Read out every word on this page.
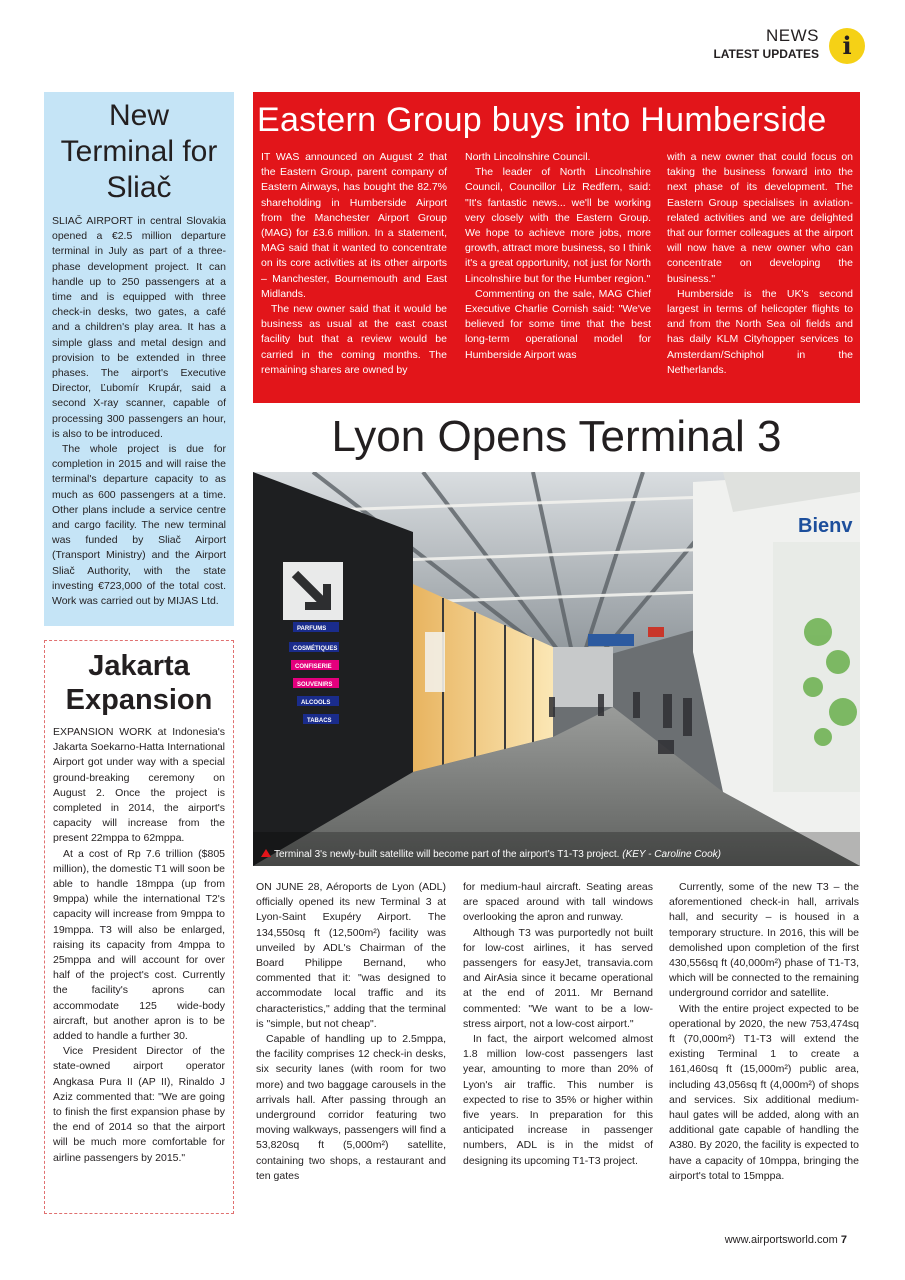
NEWS
LATEST UPDATES i
New Terminal for Sliač

SLIAČ AIRPORT in central Slovakia opened a €2.5 million departure terminal in July as part of a three-phase development project. It can handle up to 250 passengers at a time and is equipped with three check-in desks, two gates, a café and a children's play area. It has a simple glass and metal design and provision to be extended in three phases. The airport's Executive Director, Ľubomír Krupár, said a second X-ray scanner, capable of processing 300 passengers an hour, is also to be introduced.

The whole project is due for completion in 2015 and will raise the terminal's departure capacity to as much as 600 passengers at a time. Other plans include a service centre and cargo facility. The new terminal was funded by Sliač Airport (Transport Ministry) and the Airport Sliač Authority, with the state investing €723,000 of the total cost. Work was carried out by MIJAS Ltd.

Jakarta Expansion

EXPANSION WORK at Indonesia's Jakarta Soekarno-Hatta International Airport got under way with a special ground-breaking ceremony on August 2. Once the project is completed in 2014, the airport's capacity will increase from the present 22mppa to 62mppa.

At a cost of Rp 7.6 trillion ($805 million), the domestic T1 will soon be able to handle 18mppa (up from 9mppa) while the international T2's capacity will increase from 9mppa to 19mppa. T3 will also be enlarged, raising its capacity from 4mppa to 25mppa and will account for over half of the project's cost. Currently the facility's aprons can accommodate 125 wide-body aircraft, but another apron is to be added to handle a further 30.

Vice President Director of the state-owned airport operator Angkasa Pura II (AP II), Rinaldo J Aziz commented that: "We are going to finish the first expansion phase by the end of 2014 so that the airport will be much more comfortable for airline passengers by 2015."

Eastern Group buys into Humberside

IT WAS announced on August 2 that the Eastern Group, parent company of Eastern Airways, has bought the 82.7% shareholding in Humberside Airport from the Manchester Airport Group (MAG) for £3.6 million. In a statement, MAG said that it wanted to concentrate on its core activities at its other airports – Manchester, Bournemouth and East Midlands.

The new owner said that it would be business as usual at the east coast facility but that a review would be carried in the coming months. The remaining shares are owned by

North Lincolnshire Council.

The leader of North Lincolnshire Council, Councillor Liz Redfern, said: "It's fantastic news... we'll be working very closely with the Eastern Group. We hope to achieve more jobs, more growth, attract more business, so I think it's a great opportunity, not just for North Lincolnshire but for the Humber region."

Commenting on the sale, MAG Chief Executive Charlie Cornish said: "We've believed for some time that the best long-term operational model for Humberside Airport was

with a new owner that could focus on taking the business forward into the next phase of its development. The Eastern Group specialises in aviation-related activities and we are delighted that our former colleagues at the airport will now have a new owner who can concentrate on developing the business."

Humberside is the UK's second largest in terms of helicopter flights to and from the North Sea oil fields and has daily KLM Cityhopper services to Amsterdam/Schiphol in the Netherlands.

Lyon Opens Terminal 3
PARFUMS
COSMÉTIQUES
CONFISERIE
SOUVENIRS
ALCOOLS
TABACS
Bienv
Terminal 3's newly-built satellite will become part of the airport's T1-T3 project. (KEY - Caroline Cook)

ON JUNE 28, Aéroports de Lyon (ADL) officially opened its new Terminal 3 at Lyon-Saint Exupéry Airport. The 134,550sq ft (12,500m²) facility was unveiled by ADL's Chairman of the Board Philippe Bernand, who commented that it: "was designed to accommodate local traffic and its characteristics," adding that the terminal is "simple, but not cheap".

Capable of handling up to 2.5mppa, the facility comprises 12 check-in desks, six security lanes (with room for two more) and two baggage carousels in the arrivals hall. After passing through an underground corridor featuring two moving walkways, passengers will find a 53,820sq ft (5,000m²) satellite, containing two shops, a restaurant and ten gates

for medium-haul aircraft. Seating areas are spaced around with tall windows overlooking the apron and runway.

Although T3 was purportedly not built for low-cost airlines, it has served passengers for easyJet, transavia.com and AirAsia since it became operational at the end of 2011. Mr Bernand commented: "We want to be a low-stress airport, not a low-cost airport."

In fact, the airport welcomed almost 1.8 million low-cost passengers last year, amounting to more than 20% of Lyon's air traffic. This number is expected to rise to 35% or higher within five years. In preparation for this anticipated increase in passenger numbers, ADL is in the midst of designing its upcoming T1-T3 project.

Currently, some of the new T3 – the aforementioned check-in hall, arrivals hall, and security – is housed in a temporary structure. In 2016, this will be demolished upon completion of the first 430,556sq ft (40,000m²) phase of T1-T3, which will be connected to the remaining underground corridor and satellite.

With the entire project expected to be operational by 2020, the new 753,474sq ft (70,000m²) T1-T3 will extend the existing Terminal 1 to create a 161,460sq ft (15,000m²) public area, including 43,056sq ft (4,000m²) of shops and services. Six additional medium-haul gates will be added, along with an additional gate capable of handling the A380. By 2020, the facility is expected to have a capacity of 10mppa, bringing the airport's total to 15mppa.

www.airportsworld.com 7
